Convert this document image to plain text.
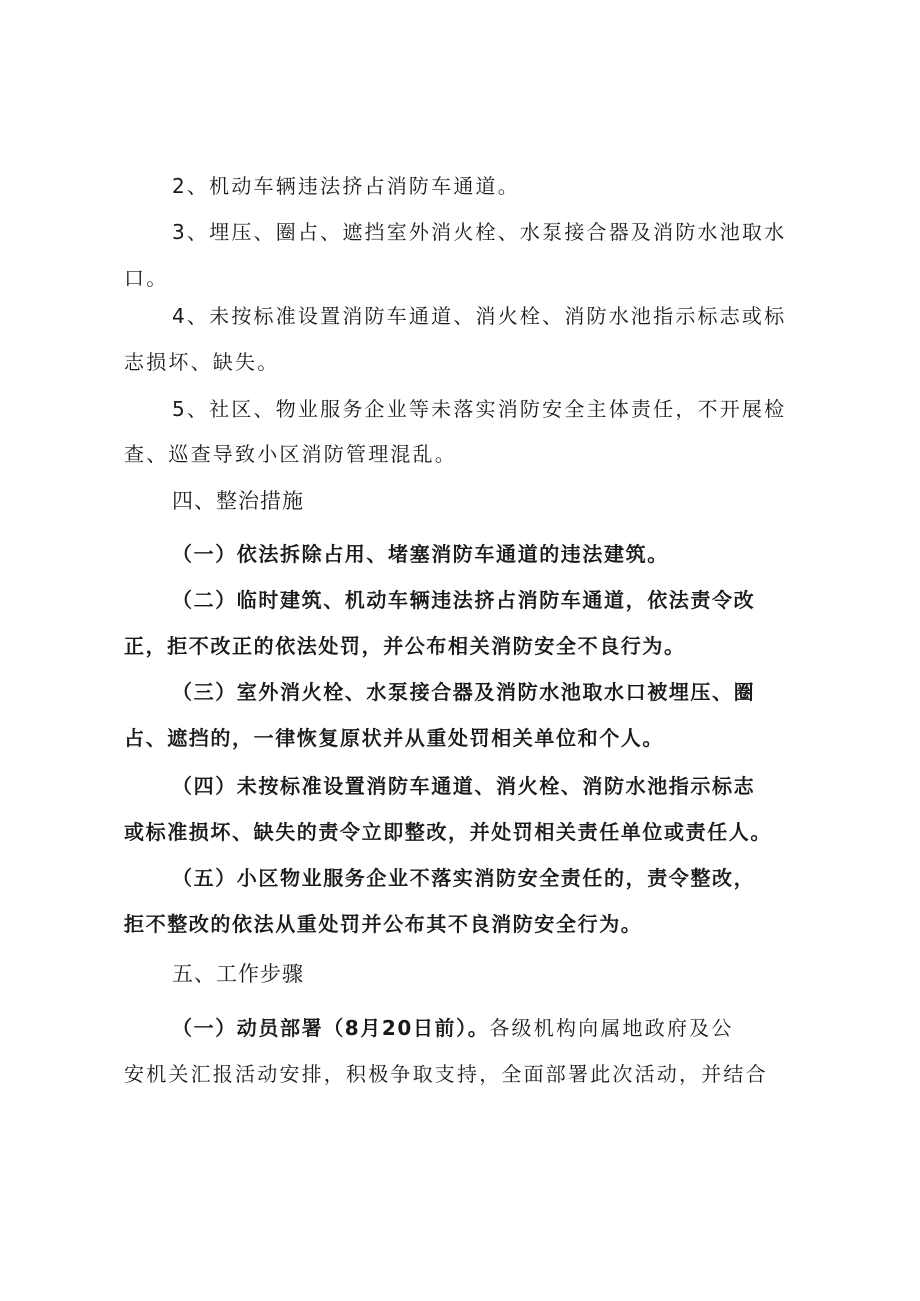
2、机动车辆违法挤占消防车通道。

3、埋压、圈占、遮挡室外消火栓、水泵接合器及消防水池取水

口。

4、未按标准设置消防车通道、消火栓、消防水池指示标志或标

志损坏、缺失。

5、社区、物业服务企业等未落实消防安全主体责任，不开展检

查、巡查导致小区消防管理混乱。

四、整治措施

（一）依法拆除占用、堵塞消防车通道的违法建筑。

（二）临时建筑、机动车辆违法挤占消防车通道，依法责令改

正，拒不改正的依法处罚，并公布相关消防安全不良行为。

（三）室外消火栓、水泵接合器及消防水池取水口被埋压、圈

占、遮挡的，一律恢复原状并从重处罚相关单位和个人。

（四）未按标准设置消防车通道、消火栓、消防水池指示标志

或标准损坏、缺失的责令立即整改，并处罚相关责任单位或责任人。

（五）小区物业服务企业不落实消防安全责任的，责令整改，

拒不整改的依法从重处罚并公布其不良消防安全行为。

五、工作步骤

（一）动员部署（8月20日前）。各级机构向属地政府及公

安机关汇报活动安排，积极争取支持，全面部署此次活动，并结合
